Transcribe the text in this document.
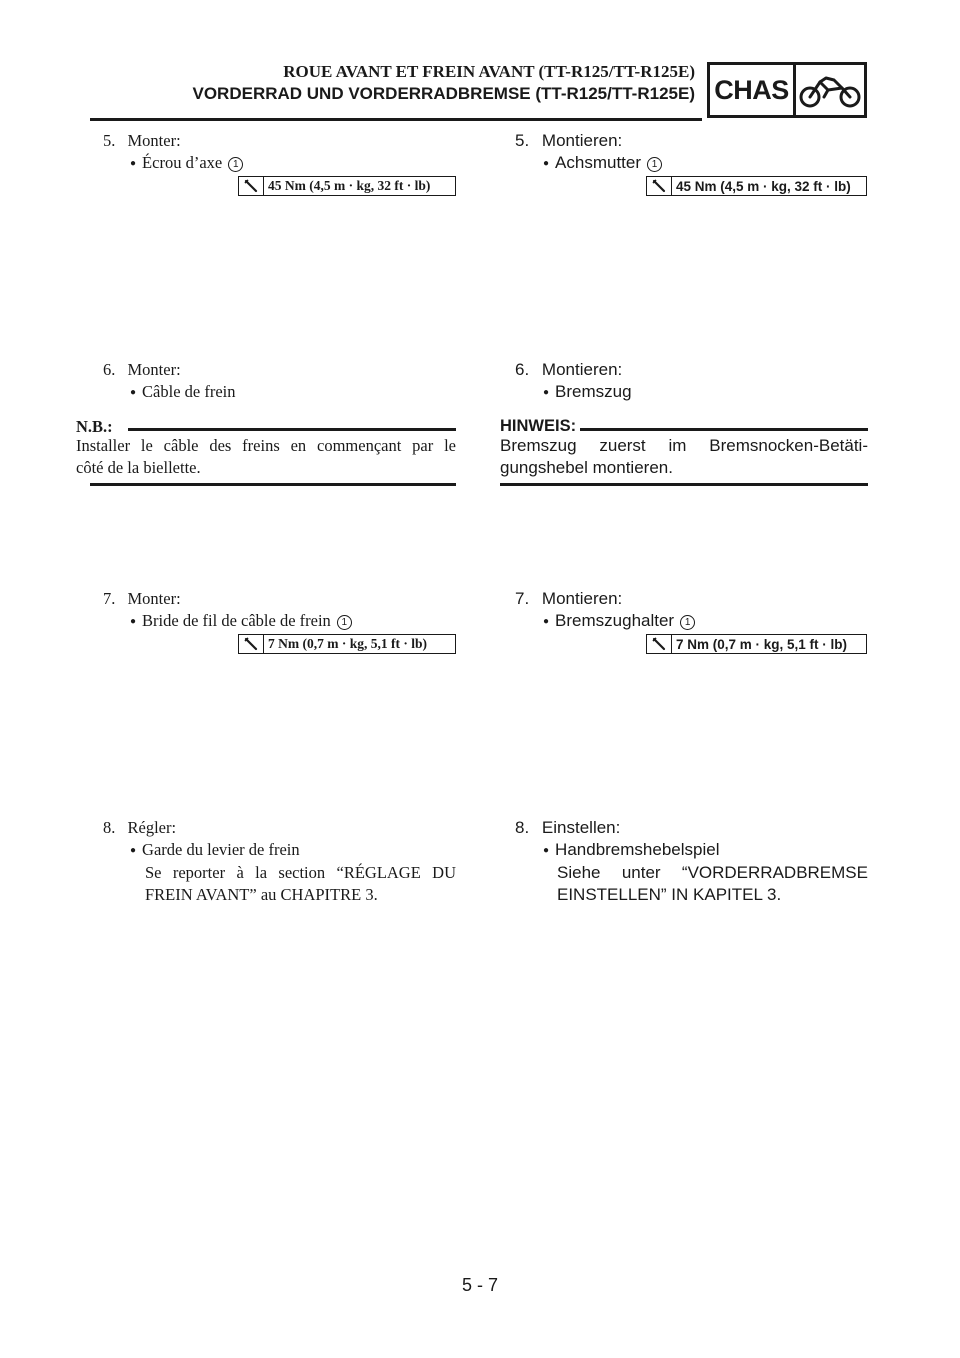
ROUE AVANT ET FREIN AVANT (TT-R125/TT-R125E)
VORDERRAD UND VORDERRADBREMSE (TT-R125/TT-R125E) CHAS
5. Monter:
● Écrou d’axe 1
45 Nm (4,5 m · kg, 32 ft · lb)
6. Monter:
● Câble de frein
N.B.:
Installer le câble des freins en commençant par le
côté de la biellette.
7. Monter:
● Bride de fil de câble de frein 1
7 Nm (0,7 m · kg, 5,1 ft · lb)
8. Régler:
● Garde du levier de frein
Se reporter à la section “RÉGLAGE DU
FREIN AVANT” au CHAPITRE 3.
5. Montieren:
● Achsmutter 1
45 Nm (4,5 m · kg, 32 ft · lb)
6. Montieren:
● Bremszug
HINWEIS:
Bremszug zuerst im Bremsnocken-Betäti-
gungshebel montieren.
7. Montieren:
● Bremszughalter 1
7 Nm (0,7 m · kg, 5,1 ft · lb)
8. Einstellen:
● Handbremshebelspiel
Siehe unter “VORDERRADBREMSE
EINSTELLEN” IN KAPITEL 3.
5 - 7
